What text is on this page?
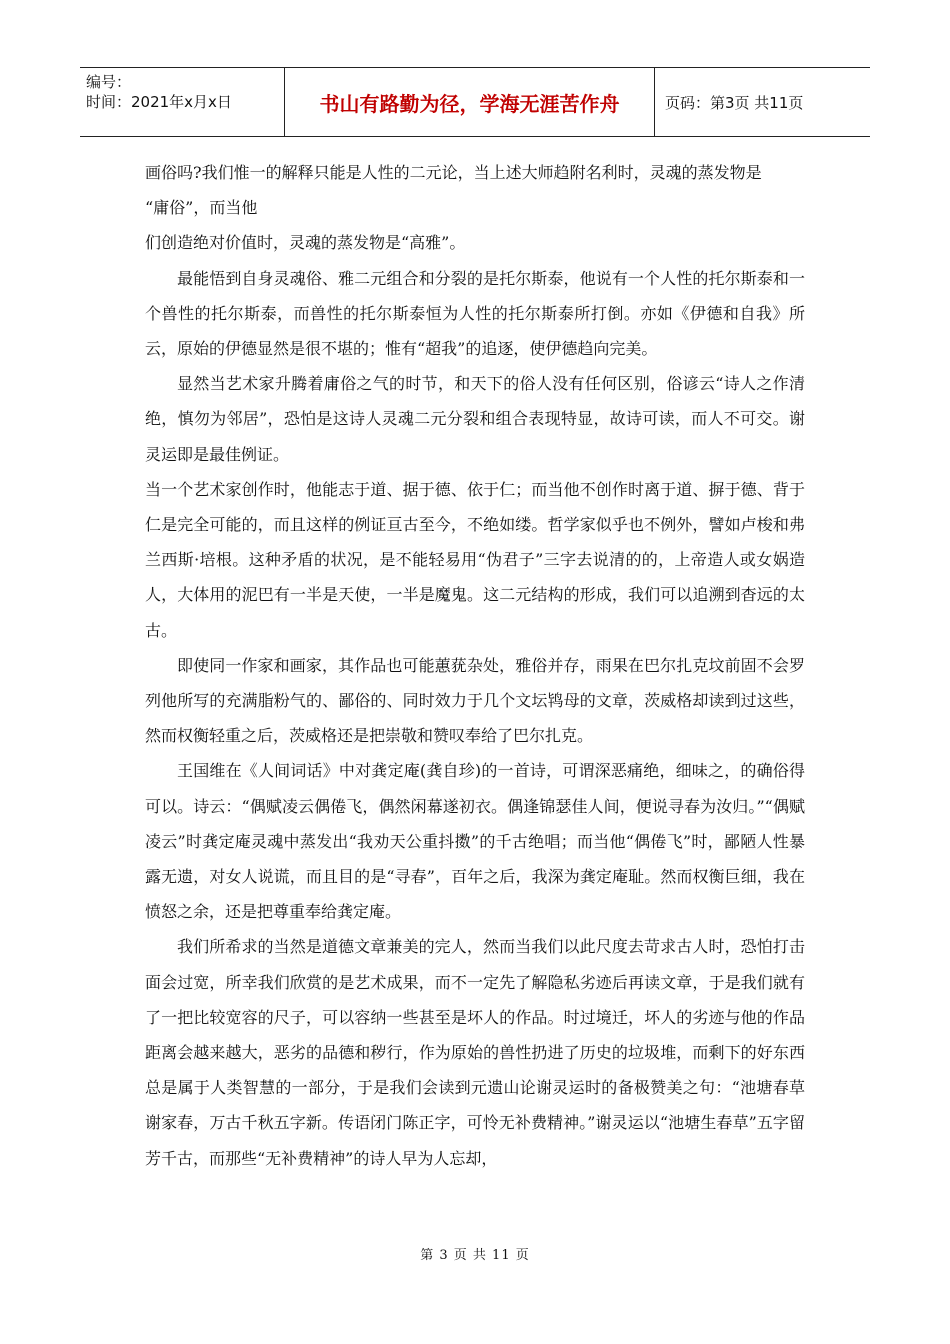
编号：
时间：2021年x月x日	书山有路勤为径，学海无涯苦作舟	页码：第3页 共11页

画俗吗?我们惟一的解释只能是人性的二元论，当上述大师趋附名利时，灵魂的蒸发物是

“庸俗”，而当他

们创造绝对价值时，灵魂的蒸发物是“高雅”。

最能悟到自身灵魂俗、雅二元组合和分裂的是托尔斯泰，他说有一个人性的托尔斯泰和一个兽性的托尔斯泰，而兽性的托尔斯泰恒为人性的托尔斯泰所打倒。亦如《伊德和自我》所云，原始的伊德显然是很不堪的；惟有“超我”的追逐，使伊德趋向完美。

显然当艺术家升腾着庸俗之气的时节，和天下的俗人没有任何区别，俗谚云“诗人之作清绝，慎勿为邻居”，恐怕是这诗人灵魂二元分裂和组合表现特显，故诗可读，而人不可交。谢灵运即是最佳例证。

当一个艺术家创作时，他能志于道、据于德、依于仁；而当他不创作时离于道、摒于德、背于仁是完全可能的，而且这样的例证亘古至今，不绝如缕。哲学家似乎也不例外，譬如卢梭和弗兰西斯·培根。这种矛盾的状况，是不能轻易用“伪君子”三字去说清的的，上帝造人或女娲造人，大体用的泥巴有一半是天使，一半是魔鬼。这二元结构的形成，我们可以追溯到杳远的太古。

即使同一作家和画家，其作品也可能蕙莸杂处，雅俗并存，雨果在巴尔扎克坟前固不会罗列他所写的充满脂粉气的、鄙俗的、同时效力于几个文坛鸨母的文章，茨威格却读到过这些，然而权衡轻重之后，茨威格还是把崇敬和赞叹奉给了巴尔扎克。

王国维在《人间词话》中对龚定庵(龚自珍)的一首诗，可谓深恶痛绝，细味之，的确俗得可以。诗云：“偶赋凌云偶倦飞，偶然闲幕遂初衣。偶逢锦瑟佳人间，便说寻春为汝归。”“偶赋凌云”时龚定庵灵魂中蒸发出“我劝天公重抖擞”的千古绝唱；而当他“偶倦飞”时，鄙陋人性暴露无遗，对女人说谎，而且目的是“寻春”，百年之后，我深为龚定庵耻。然而权衡巨细，我在愤怒之余，还是把尊重奉给龚定庵。

我们所希求的当然是道德文章兼美的完人，然而当我们以此尺度去苛求古人时，恐怕打击面会过宽，所幸我们欣赏的是艺术成果，而不一定先了解隐私劣迹后再读文章，于是我们就有了一把比较宽容的尺子，可以容纳一些甚至是坏人的作品。时过境迁，坏人的劣迹与他的作品距离会越来越大，恶劣的品德和秽行，作为原始的兽性扔进了历史的垃圾堆，而剩下的好东西总是属于人类智慧的一部分，于是我们会读到元遗山论谢灵运时的备极赞美之句：“池塘春草谢家春，万古千秋五字新。传语闭门陈正字，可怜无补费精神。”谢灵运以“池塘生春草”五字留芳千古，而那些“无补费精神”的诗人早为人忘却，

第 3 页 共 11 页
